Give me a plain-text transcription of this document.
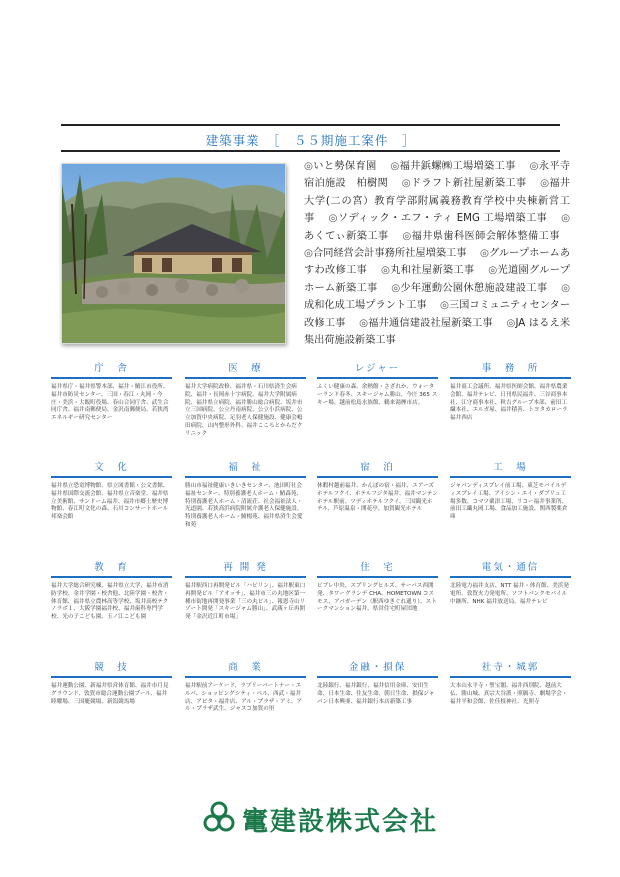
建築事業　［　５５期施工案件　］
◎いと勢保育園  ◎福井鋲螺㈱工場増築工事  ◎永平寺宿泊施設　柏樹関  ◎ドラフト新社屋新築工事  ◎福井大学(二の宮）教育学部附属義務教育学校中央棟新営工事  ◎ソディック・エフ・ティ EMG 工場増築工事  ◎あくてぃ新築工事  ◎福井県歯科医師会解体整備工事  ◎合同経営会計事務所社屋増築工事  ◎グループホームあすわ改修工事  ◎丸和社屋新築工事  ◎光道園グループホーム新築工事  ◎少年運動公園休憩施設建設工事  ◎成和化成工場プラント工事  ◎三国コミュニティセンター改修工事  ◎福井通信建設社屋新築工事  ◎JA はるえ米集出荷施設新築工事
庁　舎
福井県庁・福井県警本部、福井・鯖江市役所、福井市防災センター、三国・春江・丸岡・今庄・美浜・大飯町役場、春山合同庁舎、武生合同庁舎、福井南郵便局、金沢南郵便局、若狭湾エネルギー研究センター
医　療
福井大学病院改修、福井県・石川県済生会病院、福井・長岡赤十字病院、福井大学附属病院、福井県立病院、福井勝山総合病院、坂井市立三国病院、公立丹南病院、公立小浜病院、公立加賀中央病院、足羽老人保健施設、健康会嶋田病院、山内整形外科、福井こころとからだクリニック
レジャー
ふくい健康の森、余熱館・さざれか、ウォーターランド春冬、スキージャム勝山、今庄 365 スキー場、越前松島水族館、鶴来湯煙市店。
事　務　所
福井商工会議所、福井県医師会館、福井県農業会館、福井テレビ、日刊県民福井、三谷商事本社、江守商事本社、秋吉グループ本部、前田工繊本社、エルガ屋、福井積善、トヨタカローラ福井西店
文　化
福井県立恐竜博物館、県立図書館・公文書館、福井県国際交流会館、福井県立音楽堂、福井県立美術館、サンドーム福井、福井市郷土歴史博物館、春江町文化の森、石川コンサートホール邦楽会館
福　祉
勝山市福祉健康いきいきセンター、池田町社会福祉センター、特別養護老人ホーム・鯖森苑、特別養護老人ホーム・清流荘、社会福祉法人・光道園、若狭高浜病院附属介護老人保健施設、特別養護老人ホーム・鯖楊苑、福井県済生会愛和苑
宿　泊
休暇村越前福井、かんぽの宿・福井、ユアーズホテルフクイ、ホテルフジタ福井、福井マンテンホテル駅前、ツディホテルフクイ、三国観光ホテル、芦原温泉・開花亭、加賀観光ホテル
工　場
ジャパンディスプレイ前工場、東芝モバイルディスプレイ工場、アイシン・エイ・ダブリュ工場多数、コマツ粟津工場、リコー福井事業所、前田工繊丸岡工場、食品加工施設、関西製薬倉庫
教　育
福井大学総合研究棟、福井県立大学、福井市消防学校、金井学園・校舎他、北陸学園・校舎・体育館、福井県立農林高等学校、坂井高校テクノラボ１、大阪学園福井校、福井歯科専門学校、光の子こども園、玉ノ江こども園
再 開 発
福井駅西口再開発ビル「ハピリン」、福井駅東口再開発ビル「アオッサ」、福井市三の丸地区第一種市街地再開発事業「三の丸ビル」、報恩寺山リゾート開発「スキージャム勝山」、武蔵ヶ丘再開発「金沢近江町市場」
住　宅
ビブレ中央、スプリングヒルズ、サーパス西開発、タワーグランデ CHA、HOMETOWN コスモス、アバガーデン（駅西ゆきぐれ通り）、ストークマンション福井、県営住宅町屋団地
電気・通信
北陸電力福井支店、NTT 福井・体育館、美浜発電所、敦賀火力発電所、ソフトバンクモバイル中継所、NHK 福井放送局、福井テレビ
競　技
福井運動公園、新福井県営体育館、福井市月見グラウンド、敦賀市総合運動公園プール、福井睦曜場、三国艇競場、新潟競馬場
商　業
福井駅前アーケード、ラブリーパートナー・エルパ、ショッピングシティ・ベル、西武・福井店、アピタ・福井店、アル・プラザ・アミ、アル・プラザ武生、ジャスコ加賀の里
金融・損保
北陸銀行、福井銀行、福井信用金庫、安田生命、日本生命、住友生命、朝日生命、損保ジャパン日本興亜、福井銀行本店新築工事
社寺・城郭
大本山永平寺・聖宝閣、福井西別院、越前大仏、勝山城、真宗大谷派・照願寺、劇場学会・福井平和会館、佐佳枝神社、光照寺
竃建設株式会社
